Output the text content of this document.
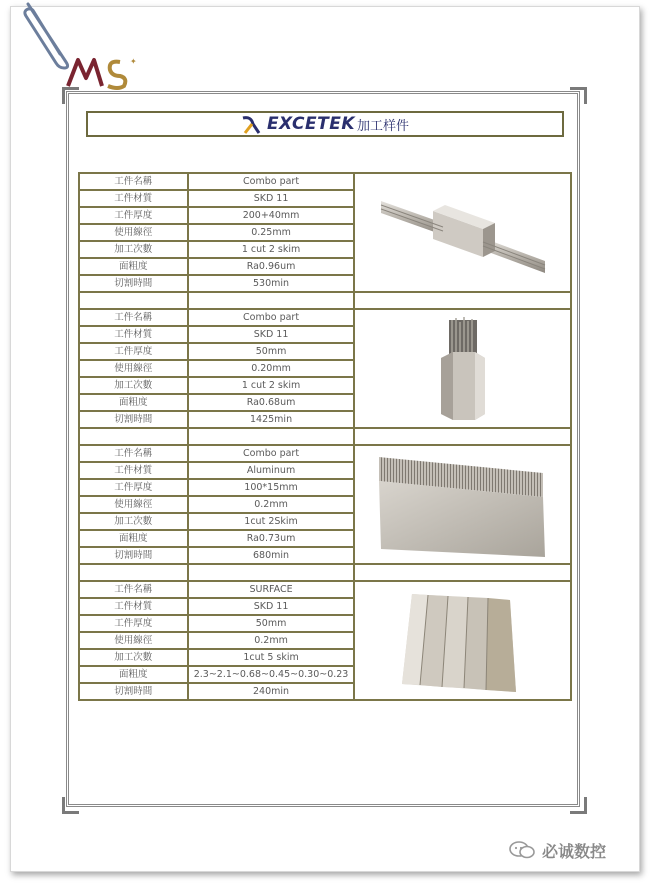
✦
EXCETEK 加工样件
工件名稱	Combo part	

工件材質	SKD 11	
工件厚度	200+40mm	
使用線徑	0.25mm	
加工次數	1 cut 2 skim	
面粗度	Ra0.96um	
切割時間	530min	

工件名稱	Combo part	

工件材質	SKD 11	
工件厚度	50mm	
使用線徑	0.20mm	
加工次數	1 cut 2 skim	
面粗度	Ra0.68um	
切割時間	1425min	

工件名稱	Combo part	

工件材質	Aluminum	
工件厚度	100*15mm	
使用線徑	0.2mm	
加工次數	1cut 2Skim	
面粗度	Ra0.73um	
切割時間	680min	

工件名稱	SURFACE	

工件材質	SKD 11	
工件厚度	50mm	
使用線徑	0.2mm	
加工次數	1cut 5 skim	
面粗度	2.3~2.1~0.68~0.45~0.30~0.23	
切割時間	240min	
必诚数控
